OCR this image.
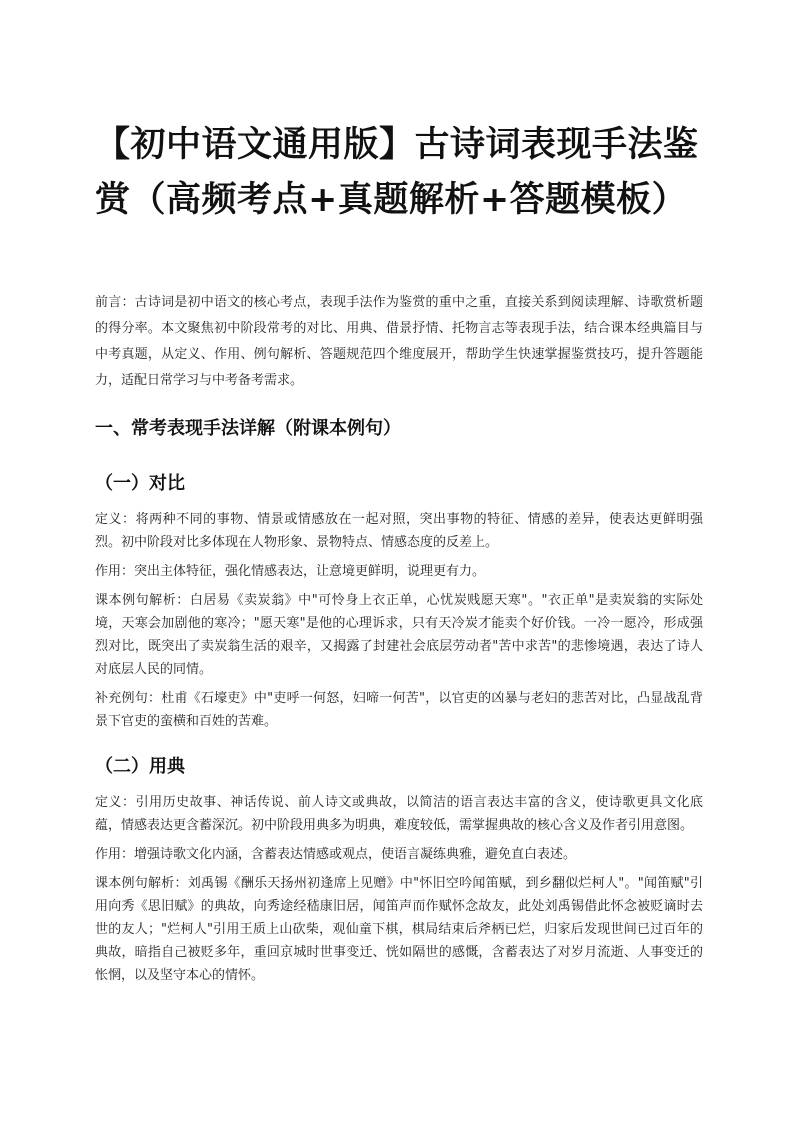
【初中语文通用版】古诗词表现手法鉴赏（高频考点+真题解析+答题模板）

前言：古诗词是初中语文的核心考点，表现手法作为鉴赏的重中之重，直接关系到阅读理解、诗歌赏析题的得分率。本文聚焦初中阶段常考的对比、用典、借景抒情、托物言志等表现手法，结合课本经典篇目与中考真题，从定义、作用、例句解析、答题规范四个维度展开，帮助学生快速掌握鉴赏技巧，提升答题能力，适配日常学习与中考备考需求。

一、常考表现手法详解（附课本例句）
（一）对比

定义：将两种不同的事物、情景或情感放在一起对照，突出事物的特征、情感的差异，使表达更鲜明强烈。初中阶段对比多体现在人物形象、景物特点、情感态度的反差上。

作用：突出主体特征，强化情感表达，让意境更鲜明，说理更有力。

课本例句解析：白居易《卖炭翁》中"可怜身上衣正单，心忧炭贱愿天寒"。"衣正单"是卖炭翁的实际处境，天寒会加剧他的寒冷；"愿天寒"是他的心理诉求，只有天冷炭才能卖个好价钱。一冷一愿冷，形成强烈对比，既突出了卖炭翁生活的艰辛，又揭露了封建社会底层劳动者"苦中求苦"的悲惨境遇，表达了诗人对底层人民的同情。

补充例句：杜甫《石壕吏》中"吏呼一何怒，妇啼一何苦"，以官吏的凶暴与老妇的悲苦对比，凸显战乱背景下官吏的蛮横和百姓的苦难。

（二）用典

定义：引用历史故事、神话传说、前人诗文或典故，以简洁的语言表达丰富的含义，使诗歌更具文化底蕴，情感表达更含蓄深沉。初中阶段用典多为明典，难度较低，需掌握典故的核心含义及作者引用意图。

作用：增强诗歌文化内涵，含蓄表达情感或观点，使语言凝练典雅，避免直白表述。

课本例句解析：刘禹锡《酬乐天扬州初逢席上见赠》中"怀旧空吟闻笛赋，到乡翻似烂柯人"。"闻笛赋"引用向秀《思旧赋》的典故，向秀途经嵇康旧居，闻笛声而作赋怀念故友，此处刘禹锡借此怀念被贬谪时去世的友人；"烂柯人"引用王质上山砍柴，观仙童下棋，棋局结束后斧柄已烂，归家后发现世间已过百年的典故，暗指自己被贬多年，重回京城时世事变迁、恍如隔世的感慨，含蓄表达了对岁月流逝、人事变迁的怅惘，以及坚守本心的情怀。
